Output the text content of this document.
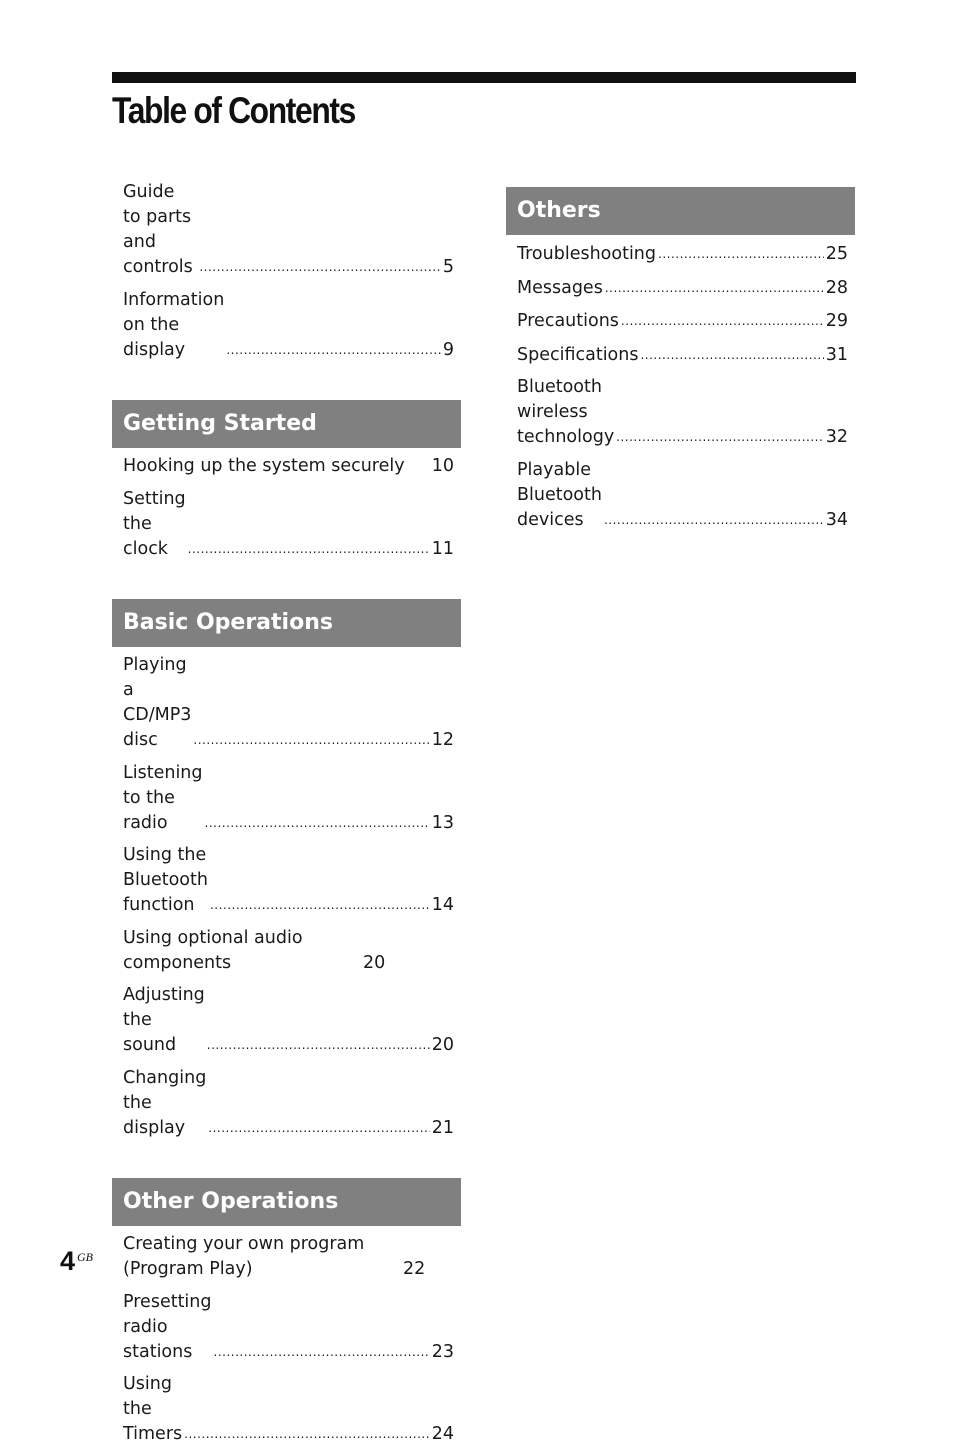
Table of Contents
Guide to parts and controls .....	5
Information on the display .....	9
Getting Started
Hooking up the system securely	10
Setting the clock .....	11
Basic Operations
Playing a CD/MP3 disc .....	12
Listening to the radio .....	13
Using the Bluetooth function .....	14
Using optional audio components	20
Adjusting the sound .....	20
Changing the display .....	21
Other Operations
Creating your own program (Program Play)	22
Presetting radio stations .....	23
Using the Timers .....	24
Others
Troubleshooting .....	25
Messages .....	28
Precautions .....	29
Specifications .....	31
Bluetooth wireless technology .....	32
Playable Bluetooth devices .....	34
4 GB
